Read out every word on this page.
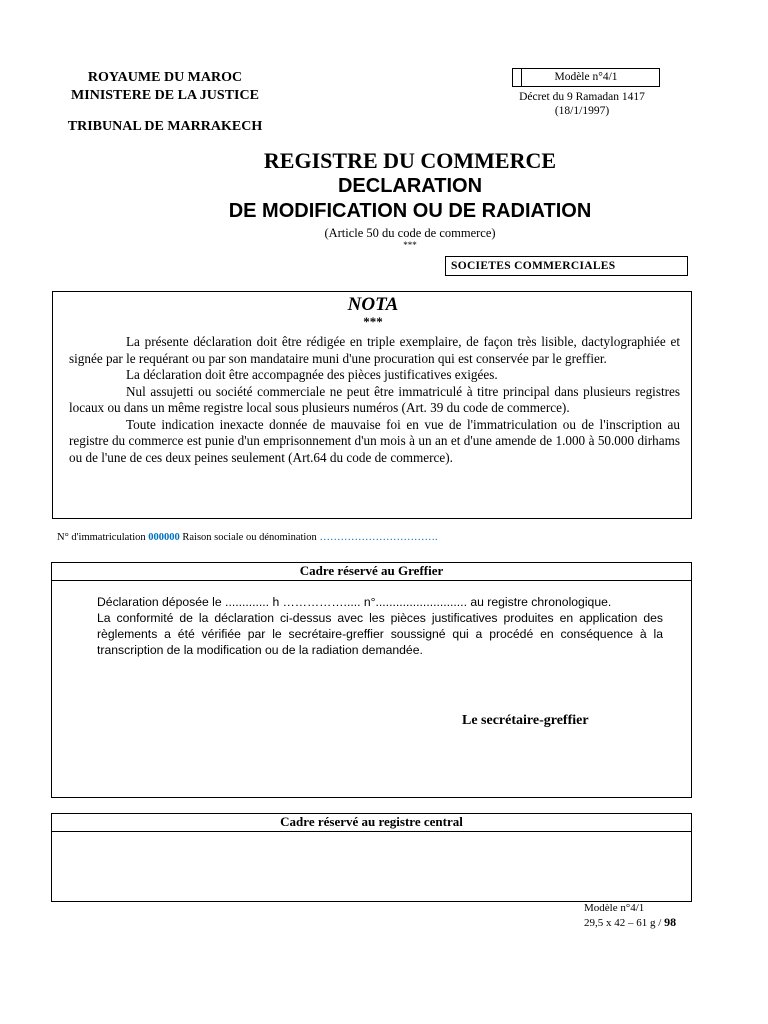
ROYAUME DU MAROC
MINISTERE DE LA JUSTICE
TRIBUNAL DE MARRAKECH
Modèle n°4/1
Décret du 9 Ramadan 1417
(18/1/1997)
REGISTRE DU COMMERCE
DECLARATION
DE MODIFICATION OU DE RADIATION
(Article 50 du code de commerce)
***
SOCIETES COMMERCIALES
NOTA
***

La présente déclaration doit être rédigée en triple exemplaire, de façon très lisible, dactylographiée et signée par le requérant ou par son mandataire muni d'une procuration qui est conservée par le greffier.

La déclaration doit être accompagnée des pièces justificatives exigées.

Nul assujetti ou société commerciale ne peut être immatriculé à titre principal dans plusieurs registres locaux ou dans un même registre local sous plusieurs numéros (Art. 39 du code de commerce).

Toute indication inexacte donnée de mauvaise foi en vue de l'immatriculation ou de l'inscription au registre du commerce est punie d'un emprisonnement d'un mois à un an et d'une amende de 1.000 à 50.000 dirhams ou de l'une de ces deux peines seulement (Art.64 du code de commerce).

N° d'immatriculation 000000 Raison sociale ou dénomination …………………………….
Cadre réservé au Greffier

Déclaration déposée le ............. h ……………..... n°........................... au registre chronologique.

La conformité de la déclaration ci-dessus avec les pièces justificatives produites en application des règlements a été vérifiée par le secrétaire-greffier soussigné qui a procédé en conséquence à la transcription de la modification ou de la radiation demandée.

Le secrétaire-greffier
Cadre réservé au registre central
Modèle n°4/1
29,5 x 42 – 61 g / 98
